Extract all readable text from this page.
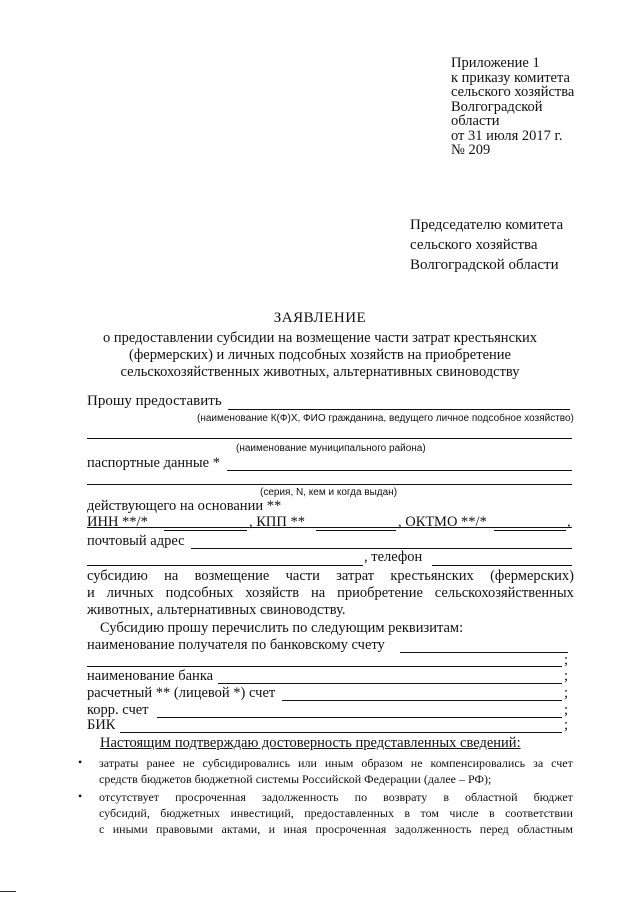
Приложение 1
к приказу комитета
сельского хозяйства
Волгоградской
области
от 31 июля 2017 г.
№ 209
Председателю комитета
сельского хозяйства
Волгоградской области
ЗАЯВЛЕНИЕ
о предоставлении субсидии на возмещение части затрат крестьянских (фермерских) и личных подсобных хозяйств на приобретение сельскохозяйственных животных, альтернативных свиноводству
Прошу предоставить
(наименование К(Ф)Х, ФИО гражданина, ведущего личное подсобное хозяйство)
(наименование муниципального района)
паспортные данные *
(серия, N, кем и когда выдан)
действующего на основании **
ИНН **/*	, КПП **	, ОКТМО **/*	,
почтовый адрес
, телефон
субсидию на возмещение части затрат крестьянских (фермерских)
и личных подсобных хозяйств на приобретение сельскохозяйственных
животных, альтернативных свиноводству.
Субсидию прошу перечислить по следующим реквизитам:
наименование получателя по банковскому счету
;
наименование банка	;
расчетный ** (лицевой *) счет	;
корр. счет	;
БИК	;
Настоящим подтверждаю достоверность представленных сведений:
• затраты ранее не субсидировались или иным образом не компенсировались за счет
средств бюджетов бюджетной системы Российской Федерации (далее – РФ);
• отсутствует просроченная задолженность по возврату в областной бюджет
субсидий, бюджетных инвестиций, предоставленных в том числе в соответствии
с иными правовыми актами, и иная просроченная задолженность перед областным
